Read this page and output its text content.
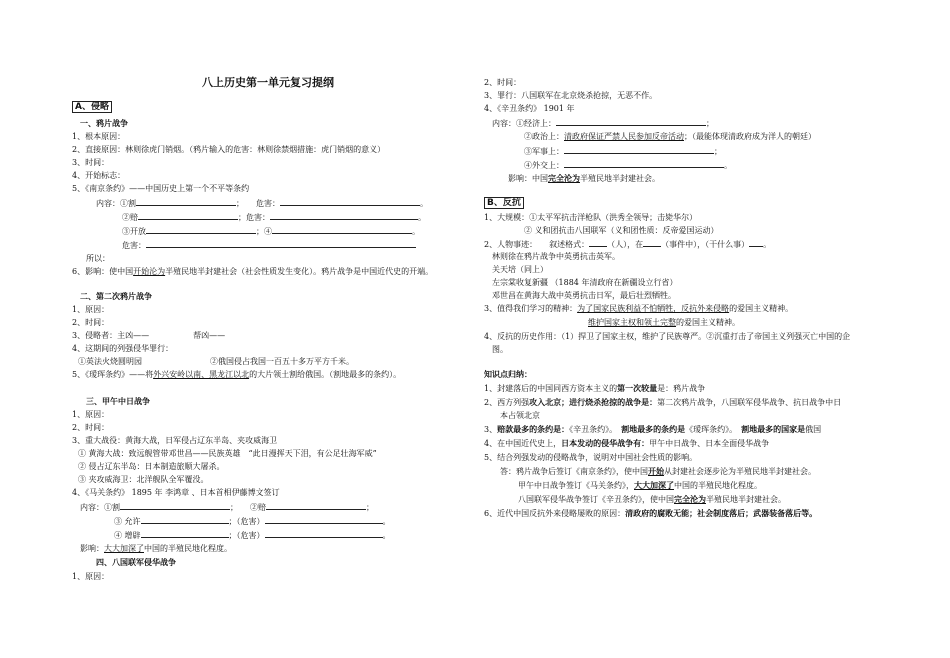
八上历史第一单元复习提纲
A、侵略
一、鸦片战争
1、根本原因：
2、直接原因：林则徐虎门销烟。（鸦片输入的危害：林则徐禁烟措施：虎门销烟的意义）
3、时间：
4、开始标志：
5、《南京条约》——中国历史上第一个不平等条约
内容：①割	；　　危害：	。
②赔	；危害：	。
③开放	；④	。
危害：
所以：
6、影响：使中国开始沦为半殖民地半封建社会（社会性质发生变化）。鸦片战争是中国近代史的开端。
二、第二次鸦片战争
1、原因：
2、时间：
3、侵略者：主凶——	帮凶——
4、这期间的列强侵华罪行：
①英法火烧圆明园	②俄国侵占我国一百五十多万平方千米。
5、《瑷珲条约》——将外兴安岭以南、黑龙江以北的大片领土割给俄国。（割地最多的条约）。
三、甲午中日战争
1、原因：
2、时间：
3、重大战役：黄海大战，日军侵占辽东半岛、夹攻威海卫
① 黄海大战：致远舰管带邓世昌——民族英雄　“此日漫挥天下泪，有公足壮海军威”
② 侵占辽东半岛：日本制造旅顺大屠杀。
③ 夹攻威海卫：北洋舰队全军覆没。
4、《马关条约》 1895 年 李鸿章 、日本首相伊藤博文签订
内容：①割	；　　②赔	；
③ 允许	；（危害）	。
④ 增辟	；（危害）	。
影响：大大加深了中国的半殖民地化程度。
四、八国联军侵华战争
1、原因：
2、时间：
3、罪行：八国联军在北京烧杀抢掠，无恶不作。
4、《辛丑条约》 1901 年
内容：①经济上：	；
②政治上：清政府保证严禁人民参加反帝活动；（最能体现清政府成为洋人的朝廷）
③军事上：	；
④外交上：	。
影响：中国完全沦为半殖民地半封建社会。
B、反抗
1、大规模：①太平军抗击洋枪队（洪秀全领导；击毙华尔）
② 义和团抗击八国联军（义和团性质：反帝爱国运动）
2、人物事迹：　　叙述格式： （人），在 （事件中），（干什么事） 。
林则徐在鸦片战争中英勇抗击英军。
关天培（同上）
左宗棠收复新疆 （1884 年清政府在新疆设立行省）
邓世昌在黄海大战中英勇抗击日军，最后壮烈牺牲。
3、值得我们学习的精神：为了国家民族利益不怕牺牲，反抗外来侵略的爱国主义精神。
维护国家主权和领土完整的爱国主义精神。
4、反抗的历史作用：（1）捍卫了国家主权，维护了民族尊严。②沉重打击了帝国主义列强灭亡中国的企
图。
知识点归纳：
1、封建落后的中国同西方资本主义的第一次较量是：鸦片战争
2、西方列强攻入北京；进行烧杀抢掠的战争是：第二次鸦片战争，八国联军侵华战争、抗日战争中日
本占领北京
3、赔款最多的条约是：《辛丑条约》。　割地最多的条约是《瑷珲条约》。　割地最多的国家是俄国
4、在中国近代史上，日本发动的侵华战争有：甲午中日战争、日本全面侵华战争
5、结合列强发动的侵略战争，说明对中国社会性质的影响。
答：鸦片战争后签订《南京条约》，使中国开始从封建社会逐步沦为半殖民地半封建社会。
甲午中日战争签订《马关条约》，大大加深了中国的半殖民地化程度。
八国联军侵华战争签订《辛丑条约》，使中国完全沦为半殖民地半封建社会。
6、近代中国反抗外来侵略屡败的原因：清政府的腐败无能；社会制度落后；武器装备落后等。
